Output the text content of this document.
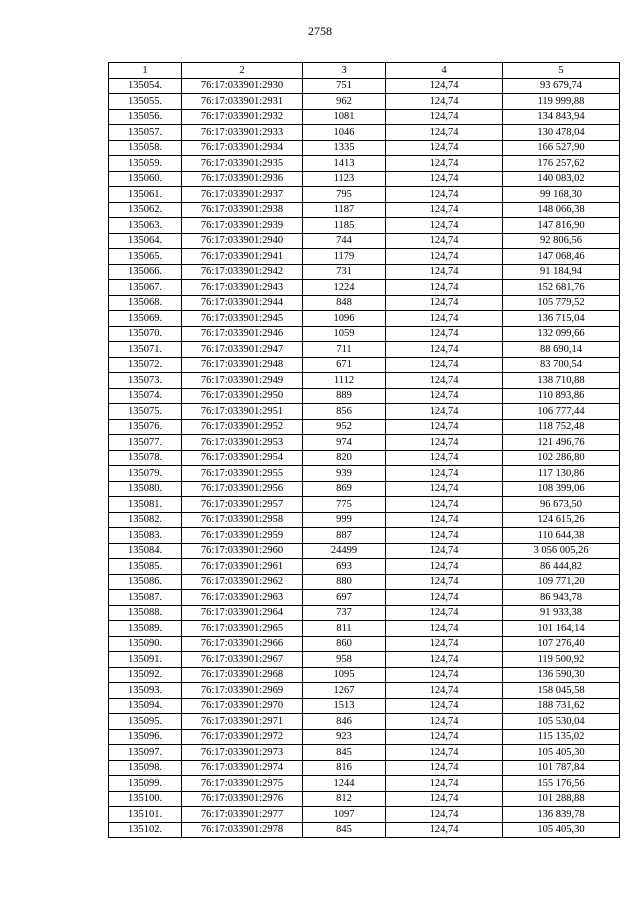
2758
1	2	3	4	5
135054.	76:17:033901:2930	751	124,74	93 679,74
135055.	76:17:033901:2931	962	124,74	119 999,88
135056.	76:17:033901:2932	1081	124,74	134 843,94
135057.	76:17:033901:2933	1046	124,74	130 478,04
135058.	76:17:033901:2934	1335	124,74	166 527,90
135059.	76:17:033901:2935	1413	124,74	176 257,62
135060.	76:17:033901:2936	1123	124,74	140 083,02
135061.	76:17:033901:2937	795	124,74	99 168,30
135062.	76:17:033901:2938	1187	124,74	148 066,38
135063.	76:17:033901:2939	1185	124,74	147 816,90
135064.	76:17:033901:2940	744	124,74	92 806,56
135065.	76:17:033901:2941	1179	124,74	147 068,46
135066.	76:17:033901:2942	731	124,74	91 184,94
135067.	76:17:033901:2943	1224	124,74	152 681,76
135068.	76:17:033901:2944	848	124,74	105 779,52
135069.	76:17:033901:2945	1096	124,74	136 715,04
135070.	76:17:033901:2946	1059	124,74	132 099,66
135071.	76:17:033901:2947	711	124,74	88 690,14
135072.	76:17:033901:2948	671	124,74	83 700,54
135073.	76:17:033901:2949	1112	124,74	138 710,88
135074.	76:17:033901:2950	889	124,74	110 893,86
135075.	76:17:033901:2951	856	124,74	106 777,44
135076.	76:17:033901:2952	952	124,74	118 752,48
135077.	76:17:033901:2953	974	124,74	121 496,76
135078.	76:17:033901:2954	820	124,74	102 286,80
135079.	76:17:033901:2955	939	124,74	117 130,86
135080.	76:17:033901:2956	869	124,74	108 399,06
135081.	76:17:033901:2957	775	124,74	96 673,50
135082.	76:17:033901:2958	999	124,74	124 615,26
135083.	76:17:033901:2959	887	124,74	110 644,38
135084.	76:17:033901:2960	24499	124,74	3 056 005,26
135085.	76:17:033901:2961	693	124,74	86 444,82
135086.	76:17:033901:2962	880	124,74	109 771,20
135087.	76:17:033901:2963	697	124,74	86 943,78
135088.	76:17:033901:2964	737	124,74	91 933,38
135089.	76:17:033901:2965	811	124,74	101 164,14
135090.	76:17:033901:2966	860	124,74	107 276,40
135091.	76:17:033901:2967	958	124,74	119 500,92
135092.	76:17:033901:2968	1095	124,74	136 590,30
135093.	76:17:033901:2969	1267	124,74	158 045,58
135094.	76:17:033901:2970	1513	124,74	188 731,62
135095.	76:17:033901:2971	846	124,74	105 530,04
135096.	76:17:033901:2972	923	124,74	115 135,02
135097.	76:17:033901:2973	845	124,74	105 405,30
135098.	76:17:033901:2974	816	124,74	101 787,84
135099.	76:17:033901:2975	1244	124,74	155 176,56
135100.	76:17:033901:2976	812	124,74	101 288,88
135101.	76:17:033901:2977	1097	124,74	136 839,78
135102.	76:17:033901:2978	845	124,74	105 405,30
